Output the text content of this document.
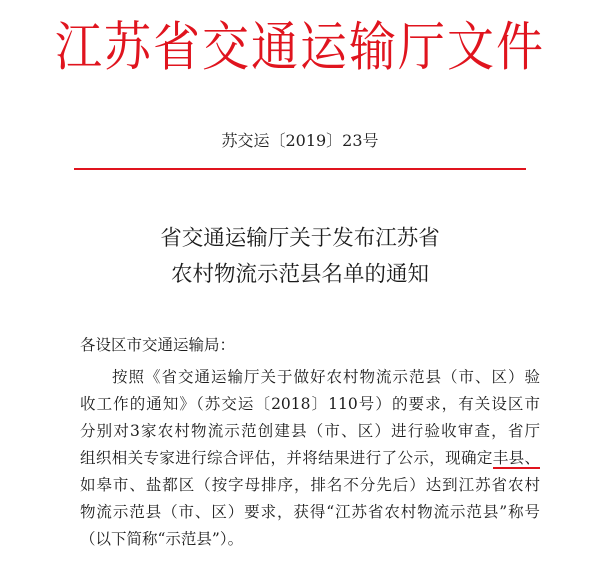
江苏省交通运输厅文件
苏交运〔2019〕23号
省交通运输厅关于发布江苏省
农村物流示范县名单的通知
各设区市交通运输局：
按照《省交通运输厅关于做好农村物流示范县（市、区）验
收工作的通知》（苏交运〔2018〕110号）的要求，有关设区市
分别对3家农村物流示范创建县（市、区）进行验收审查，省厅
组织相关专家进行综合评估，并将结果进行了公示，现确定丰县、
如皋市、盐都区（按字母排序，排名不分先后）达到江苏省农村
物流示范县（市、区）要求，获得“江苏省农村物流示范县”称号
（以下简称“示范县”）。
